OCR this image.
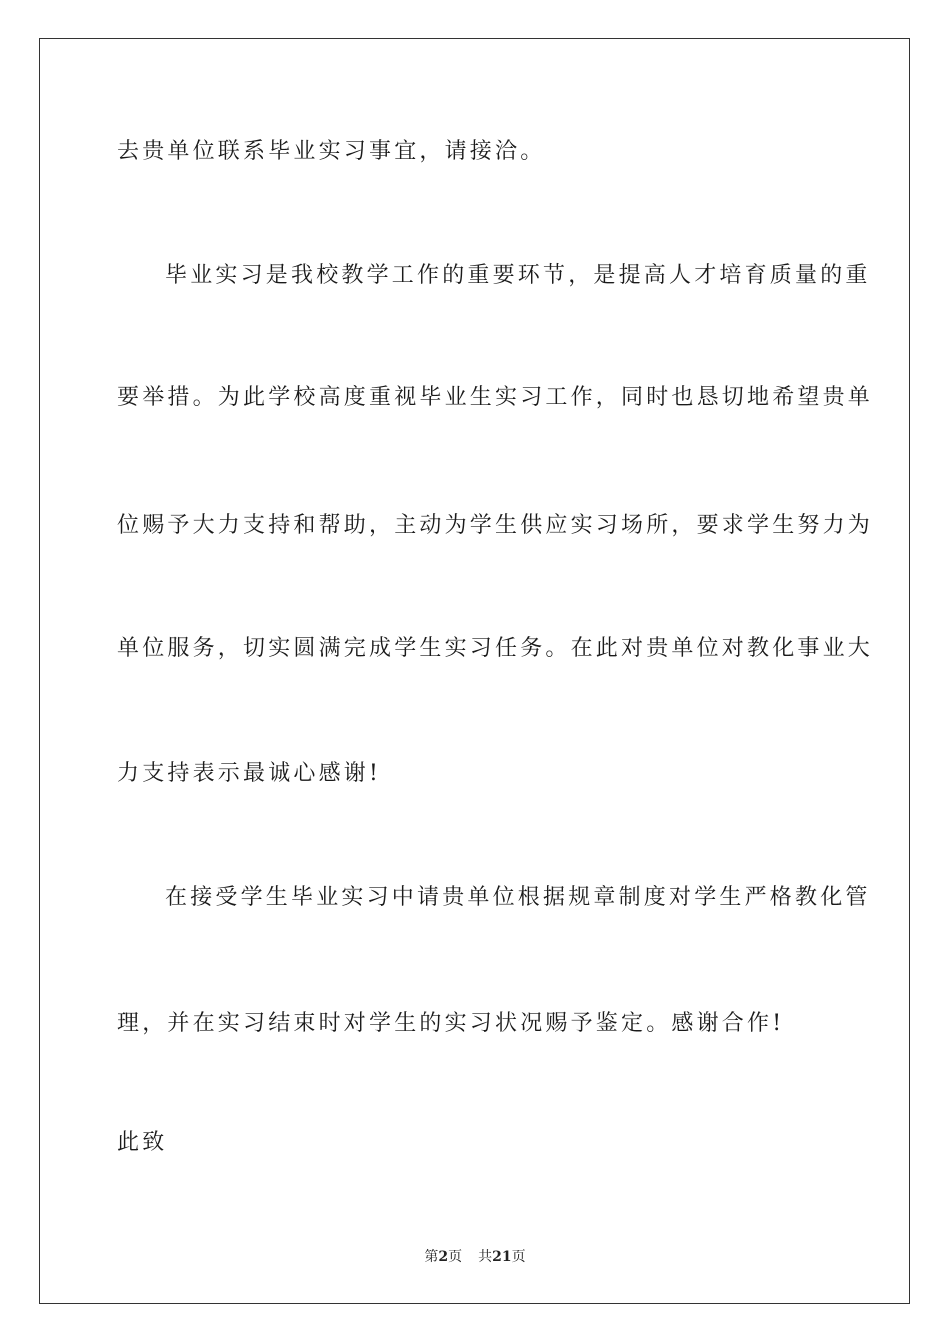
去贵单位联系毕业实习事宜，请接洽。
毕业实习是我校教学工作的重要环节，是提高人才培育质量的重
要举措。为此学校高度重视毕业生实习工作，同时也恳切地希望贵单
位赐予大力支持和帮助，主动为学生供应实习场所，要求学生努力为
单位服务，切实圆满完成学生实习任务。在此对贵单位对教化事业大
力支持表示最诚心感谢!
在接受学生毕业实习中请贵单位根据规章制度对学生严格教化管
理，并在实习结束时对学生的实习状况赐予鉴定。感谢合作!
此致
第2页 共21页
